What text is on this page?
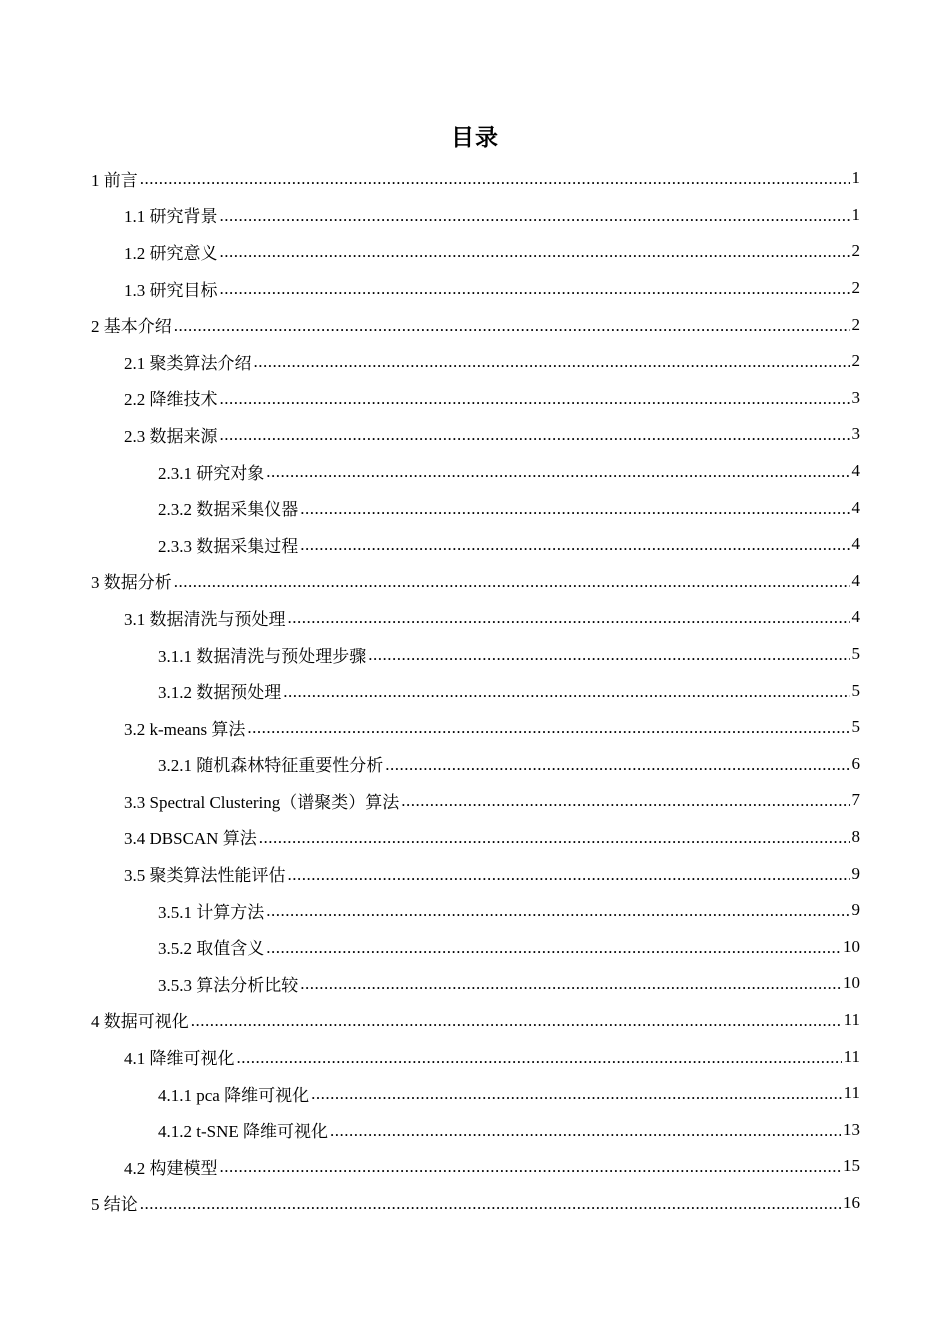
目录
1 前言 .....	1
1.1 研究背景 .....	1
1.2 研究意义 .....	2
1.3 研究目标 .....	2
2 基本介绍 .....	2
2.1 聚类算法介绍 .....	2
2.2 降维技术 .....	3
2.3 数据来源 .....	3
2.3.1 研究对象 .....	4
2.3.2 数据采集仪器 .....	4
2.3.3 数据采集过程 .....	4
3 数据分析 .....	4
3.1 数据清洗与预处理 .....	4
3.1.1 数据清洗与预处理步骤 .....	5
3.1.2 数据预处理 .....	5
3.2 k-means 算法 .....	5
3.2.1 随机森林特征重要性分析 .....	6
3.3 Spectral Clustering（谱聚类）算法 .....	7
3.4 DBSCAN 算法 .....	8
3.5 聚类算法性能评估 .....	9
3.5.1 计算方法 .....	9
3.5.2 取值含义 .....	10
3.5.3 算法分析比较 .....	10
4 数据可视化 .....	11
4.1 降维可视化 .....	11
4.1.1 pca 降维可视化 .....	11
4.1.2 t-SNE 降维可视化 .....	13
4.2 构建模型 .....	15
5 结论 .....	16
